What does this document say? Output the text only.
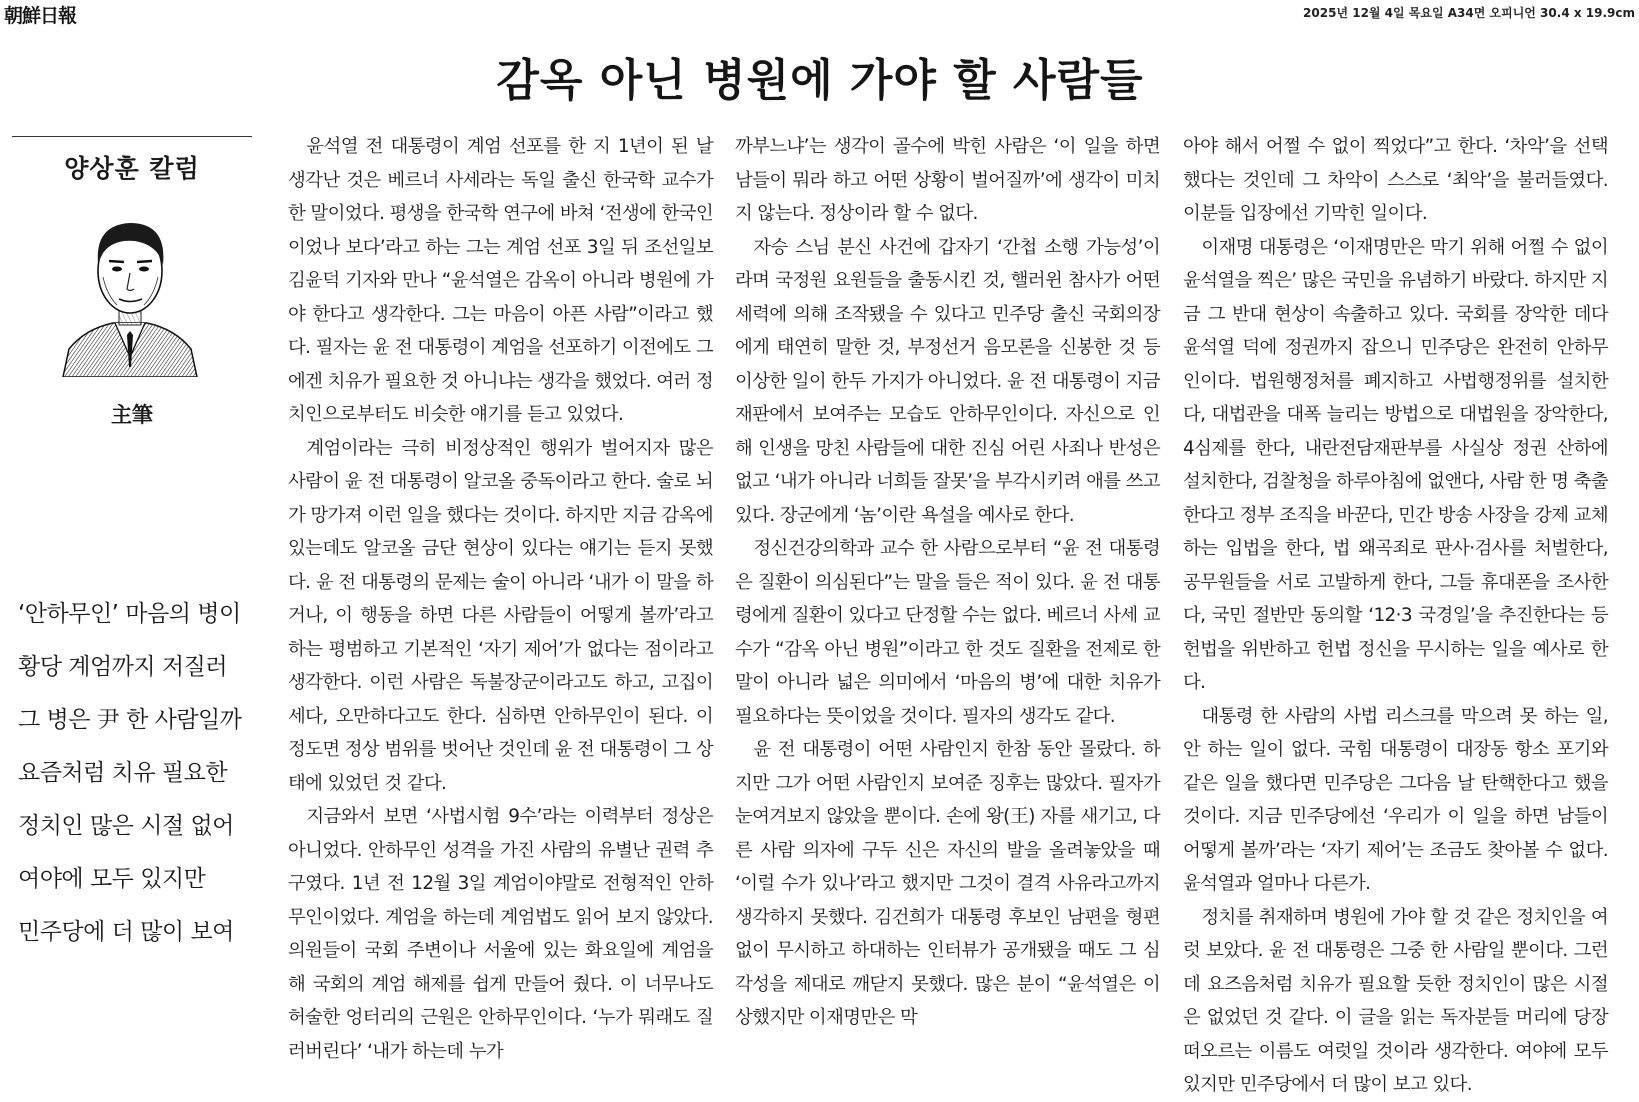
朝鮮日報	2025년 12월 4일 목요일 A34면 오피니언 30.4 x 19.9cm
감옥 아닌 병원에 가야 할 사람들
양상훈 칼럼
主筆
‘안하무인’ 마음의 병이
황당 계엄까지 저질러
그 병은 尹 한 사람일까
요즘처럼 치유 필요한
정치인 많은 시절 없어
여야에 모두 있지만
민주당에 더 많이 보여

윤석열 전 대통령이 계엄 선포를 한 지 1년이 된 날 생각난 것은 베르너 사세라는 독일 출신 한국학 교수가 한 말이었다. 평생을 한국학 연구에 바쳐 ‘전생에 한국인이었나 보다’라고 하는 그는 계엄 선포 3일 뒤 조선일보 김윤덕 기자와 만나 “윤석열은 감옥이 아니라 병원에 가야 한다고 생각한다. 그는 마음이 아픈 사람”이라고 했다. 필자는 윤 전 대통령이 계엄을 선포하기 이전에도 그에겐 치유가 필요한 것 아니냐는 생각을 했었다. 여러 정치인으로부터도 비슷한 얘기를 듣고 있었다.

계엄이라는 극히 비정상적인 행위가 벌어지자 많은 사람이 윤 전 대통령이 알코올 중독이라고 한다. 술로 뇌가 망가져 이런 일을 했다는 것이다. 하지만 지금 감옥에 있는데도 알코올 금단 현상이 있다는 얘기는 듣지 못했다. 윤 전 대통령의 문제는 술이 아니라 ‘내가 이 말을 하거나, 이 행동을 하면 다른 사람들이 어떻게 볼까’라고 하는 평범하고 기본적인 ‘자기 제어’가 없다는 점이라고 생각한다. 이런 사람은 독불장군이라고도 하고, 고집이 세다, 오만하다고도 한다. 심하면 안하무인이 된다. 이 정도면 정상 범위를 벗어난 것인데 윤 전 대통령이 그 상태에 있었던 것 같다.

지금와서 보면 ‘사법시험 9수’라는 이력부터 정상은 아니었다. 안하무인 성격을 가진 사람의 유별난 권력 추구였다. 1년 전 12월 3일 계엄이야말로 전형적인 안하무인이었다. 계엄을 하는데 계엄법도 읽어 보지 않았다. 의원들이 국회 주변이나 서울에 있는 화요일에 계엄을 해 국회의 계엄 해제를 쉽게 만들어 줬다. 이 너무나도 허술한 엉터리의 근원은 안하무인이다. ‘누가 뭐래도 질러버린다’ ‘내가 하는데 누가

까부느냐’는 생각이 골수에 박힌 사람은 ‘이 일을 하면 남들이 뭐라 하고 어떤 상황이 벌어질까’에 생각이 미치지 않는다. 정상이라 할 수 없다.

자승 스님 분신 사건에 갑자기 ‘간첩 소행 가능성’이라며 국정원 요원들을 출동시킨 것, 핼러윈 참사가 어떤 세력에 의해 조작됐을 수 있다고 민주당 출신 국회의장에게 태연히 말한 것, 부정선거 음모론을 신봉한 것 등 이상한 일이 한두 가지가 아니었다. 윤 전 대통령이 지금 재판에서 보여주는 모습도 안하무인이다. 자신으로 인해 인생을 망친 사람들에 대한 진심 어린 사죄나 반성은 없고 ‘내가 아니라 너희들 잘못’을 부각시키려 애를 쓰고 있다. 장군에게 ‘놈’이란 욕설을 예사로 한다.

정신건강의학과 교수 한 사람으로부터 “윤 전 대통령은 질환이 의심된다”는 말을 들은 적이 있다. 윤 전 대통령에게 질환이 있다고 단정할 수는 없다. 베르너 사세 교수가 “감옥 아닌 병원”이라고 한 것도 질환을 전제로 한 말이 아니라 넓은 의미에서 ‘마음의 병’에 대한 치유가 필요하다는 뜻이었을 것이다. 필자의 생각도 같다.

윤 전 대통령이 어떤 사람인지 한참 동안 몰랐다. 하지만 그가 어떤 사람인지 보여준 징후는 많았다. 필자가 눈여겨보지 않았을 뿐이다. 손에 왕(王) 자를 새기고, 다른 사람 의자에 구두 신은 자신의 발을 올려놓았을 때 ‘이럴 수가 있나’라고 했지만 그것이 결격 사유라고까지 생각하지 못했다. 김건희가 대통령 후보인 남편을 형편없이 무시하고 하대하는 인터뷰가 공개됐을 때도 그 심각성을 제대로 깨닫지 못했다. 많은 분이 “윤석열은 이상했지만 이재명만은 막

아야 해서 어쩔 수 없이 찍었다”고 한다. ‘차악’을 선택했다는 것인데 그 차악이 스스로 ‘최악’을 불러들였다. 이분들 입장에선 기막힌 일이다.

이재명 대통령은 ‘이재명만은 막기 위해 어쩔 수 없이 윤석열을 찍은’ 많은 국민을 유념하기 바랐다. 하지만 지금 그 반대 현상이 속출하고 있다. 국회를 장악한 데다 윤석열 덕에 정권까지 잡으니 민주당은 완전히 안하무인이다. 법원행정처를 폐지하고 사법행정위를 설치한다, 대법관을 대폭 늘리는 방법으로 대법원을 장악한다, 4심제를 한다, 내란전담재판부를 사실상 정권 산하에 설치한다, 검찰청을 하루아침에 없앤다, 사람 한 명 축출한다고 정부 조직을 바꾼다, 민간 방송 사장을 강제 교체하는 입법을 한다, 법 왜곡죄로 판사·검사를 처벌한다, 공무원들을 서로 고발하게 한다, 그들 휴대폰을 조사한다, 국민 절반만 동의할 ‘12·3 국경일’을 추진한다는 등 헌법을 위반하고 헌법 정신을 무시하는 일을 예사로 한다.

대통령 한 사람의 사법 리스크를 막으려 못 하는 일, 안 하는 일이 없다. 국힘 대통령이 대장동 항소 포기와 같은 일을 했다면 민주당은 그다음 날 탄핵한다고 했을 것이다. 지금 민주당에선 ‘우리가 이 일을 하면 남들이 어떻게 볼까’라는 ‘자기 제어’는 조금도 찾아볼 수 없다. 윤석열과 얼마나 다른가.

정치를 취재하며 병원에 가야 할 것 같은 정치인을 여럿 보았다. 윤 전 대통령은 그중 한 사람일 뿐이다. 그런데 요즈음처럼 치유가 필요할 듯한 정치인이 많은 시절은 없었던 것 같다. 이 글을 읽는 독자분들 머리에 당장 떠오르는 이름도 여럿일 것이라 생각한다. 여야에 모두 있지만 민주당에서 더 많이 보고 있다.
